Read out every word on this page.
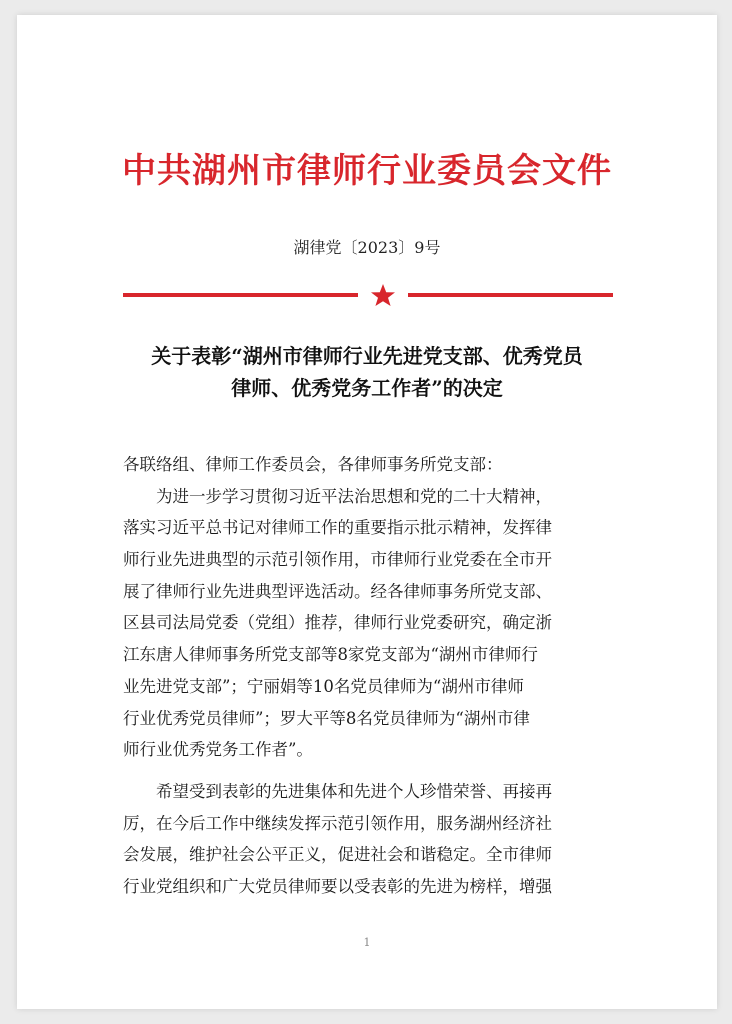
中共湖州市律师行业委员会文件
湖律党〔2023〕9号
关于表彰“湖州市律师行业先进党支部、优秀党员
律师、优秀党务工作者”的决定
各联络组、律师工作委员会，各律师事务所党支部：
　　为进一步学习贯彻习近平法治思想和党的二十大精神，
落实习近平总书记对律师工作的重要指示批示精神，发挥律
师行业先进典型的示范引领作用，市律师行业党委在全市开
展了律师行业先进典型评选活动。经各律师事务所党支部、
区县司法局党委（党组）推荐，律师行业党委研究，确定浙
江东唐人律师事务所党支部等8家党支部为“湖州市律师行
业先进党支部”；宁丽娟等10名党员律师为“湖州市律师
行业优秀党员律师”；罗大平等8名党员律师为“湖州市律
师行业优秀党务工作者”。
　　希望受到表彰的先进集体和先进个人珍惜荣誉、再接再
厉，在今后工作中继续发挥示范引领作用，服务湖州经济社
会发展，维护社会公平正义，促进社会和谐稳定。全市律师
行业党组织和广大党员律师要以受表彰的先进为榜样，增强
1
